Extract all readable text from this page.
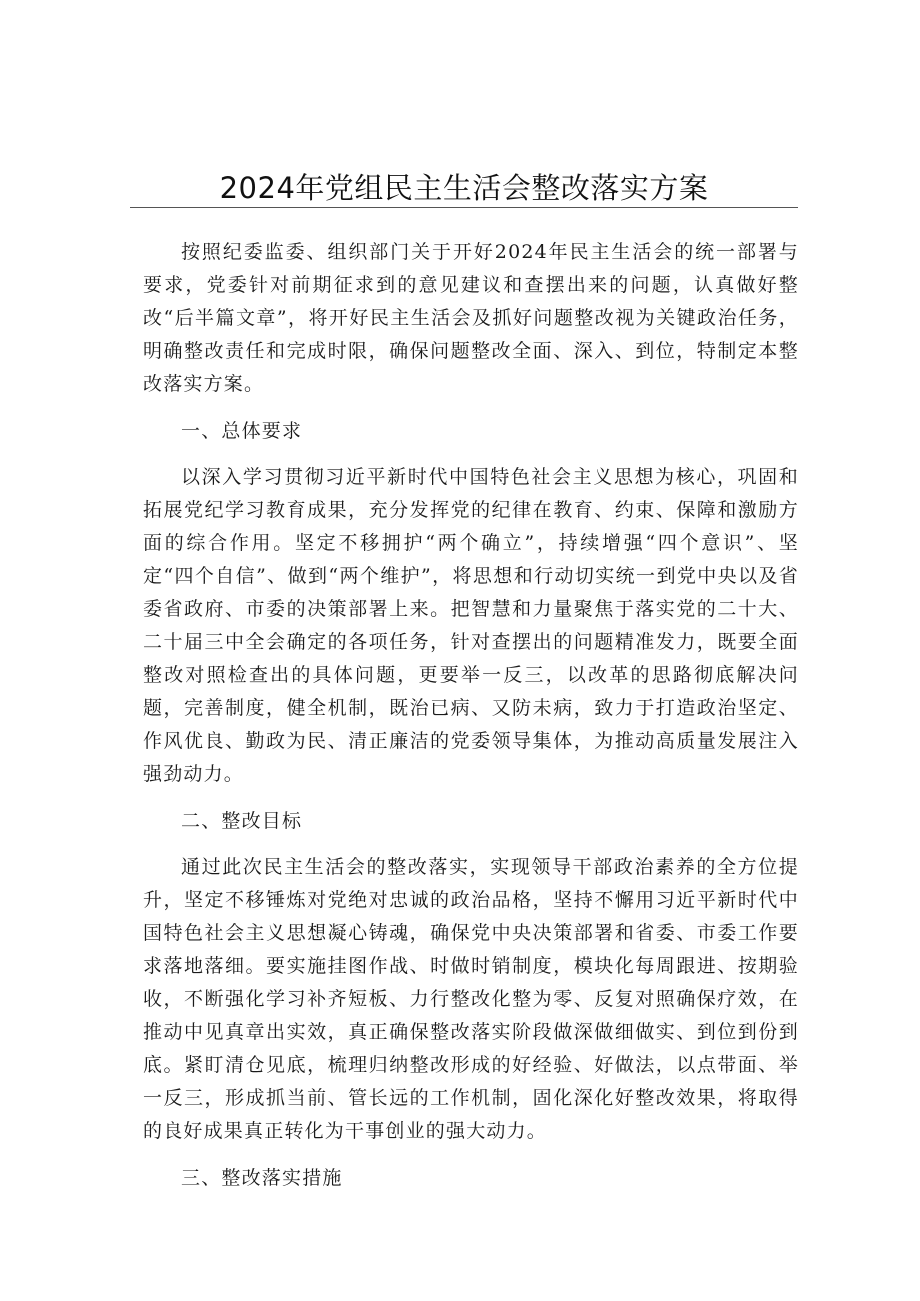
2024年党组民主生活会整改落实方案

按照纪委监委、组织部门关于开好2024年民主生活会的统一部署与要求，党委针对前期征求到的意见建议和查摆出来的问题，认真做好整改“后半篇文章”，将开好民主生活会及抓好问题整改视为关键政治任务，明确整改责任和完成时限，确保问题整改全面、深入、到位，特制定本整改落实方案。

一、总体要求

以深入学习贯彻习近平新时代中国特色社会主义思想为核心，巩固和拓展党纪学习教育成果，充分发挥党的纪律在教育、约束、保障和激励方面的综合作用。坚定不移拥护“两个确立”，持续增强“四个意识”、坚定“四个自信”、做到“两个维护”，将思想和行动切实统一到党中央以及省委省政府、市委的决策部署上来。把智慧和力量聚焦于落实党的二十大、二十届三中全会确定的各项任务，针对查摆出的问题精准发力，既要全面整改对照检查出的具体问题，更要举一反三，以改革的思路彻底解决问题，完善制度，健全机制，既治已病、又防未病，致力于打造政治坚定、作风优良、勤政为民、清正廉洁的党委领导集体，为推动高质量发展注入强劲动力。

二、整改目标

通过此次民主生活会的整改落实，实现领导干部政治素养的全方位提升，坚定不移锤炼对党绝对忠诚的政治品格，坚持不懈用习近平新时代中国特色社会主义思想凝心铸魂，确保党中央决策部署和省委、市委工作要求落地落细。要实施挂图作战、时做时销制度，模块化每周跟进、按期验收，不断强化学习补齐短板、力行整改化整为零、反复对照确保疗效，在推动中见真章出实效，真正确保整改落实阶段做深做细做实、到位到份到底。紧盯清仓见底，梳理归纳整改形成的好经验、好做法，以点带面、举一反三，形成抓当前、管长远的工作机制，固化深化好整改效果，将取得的良好成果真正转化为干事创业的强大动力。

三、整改落实措施
